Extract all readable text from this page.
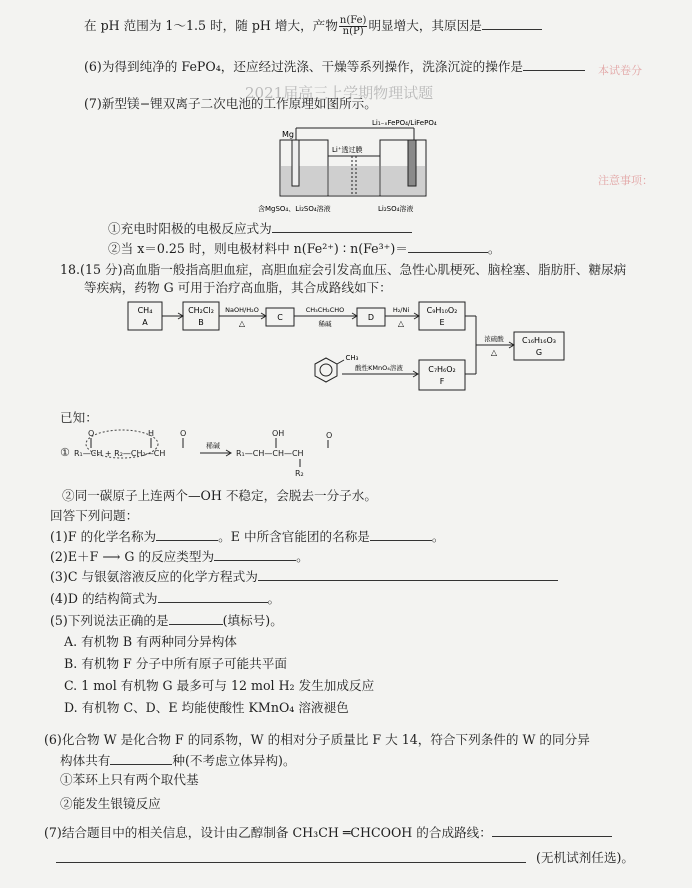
2021届高三上学期物理试题
本试卷分
注意事项：
在 pH 范围为 1～1.5 时，随 pH 增大，产物 $\frac{n(Fe)}{n(P)}$ 明显增大，其原因是
(6)为得到纯净的 FePO₄，还应经过洗涤、干燥等系列操作，洗涤沉淀的操作是
(7)新型镁−锂双离子二次电池的工作原理如图所示。
Mg
Li₁₋ₓFePO₄/LiFePO₄
Li⁺透过膜
含MgSO₄、Li₂SO₄溶液	Li₂SO₄溶液
①充电时阳极的电极反应式为
②当 x＝0.25 时，则电极材料中 n(Fe²⁺) ∶ n(Fe³⁺)＝	。
18.(15 分)高血脂一般指高胆血症，高胆血症会引发高血压、急性心肌梗死、脑栓塞、脂肪肝、糖尿病
等疾病，药物 G 可用于治疗高血脂，其合成路线如下：
CH₄
A
CH₂Cl₂
B
NaOH/H₂O
△
C
CH₃CH₂CHO
稀碱
D
H₂/Ni
△
C₉H₁₀O₂
E
CH₃
酸性KMnO₄溶液	C₇H₆O₂
F
浓硫酸
△
C₁₆H₁₆O₃
G
已知：
① R₁—CH + R₂—CH₂—CH
O	H	O
稀碱
R₁—CH—CH—CH
OH	O
R₂
②同一碳原子上连两个—OH 不稳定，会脱去一分子水。
回答下列问题：
(1)F 的化学名称为	。E 中所含官能团的名称是	。
(2)E＋F ⟶ G 的反应类型为	。
(3)C 与银氨溶液反应的化学方程式为
(4)D 的结构简式为	。
(5)下列说法正确的是	(填标号)。
A. 有机物 B 有两种同分异构体
B. 有机物 F 分子中所有原子可能共平面
C. 1 mol 有机物 G 最多可与 12 mol H₂ 发生加成反应
D. 有机物 C、D、E 均能使酸性 KMnO₄ 溶液褪色
(6)化合物 W 是化合物 F 的同系物，W 的相对分子质量比 F 大 14，符合下列条件的 W 的同分异
构体共有	种(不考虑立体异构)。
①苯环上只有两个取代基
②能发生银镜反应
(7)结合题目中的相关信息，设计由乙醇制备 CH₃CH ═CHCOOH 的合成路线：
(无机试剂任选)。
